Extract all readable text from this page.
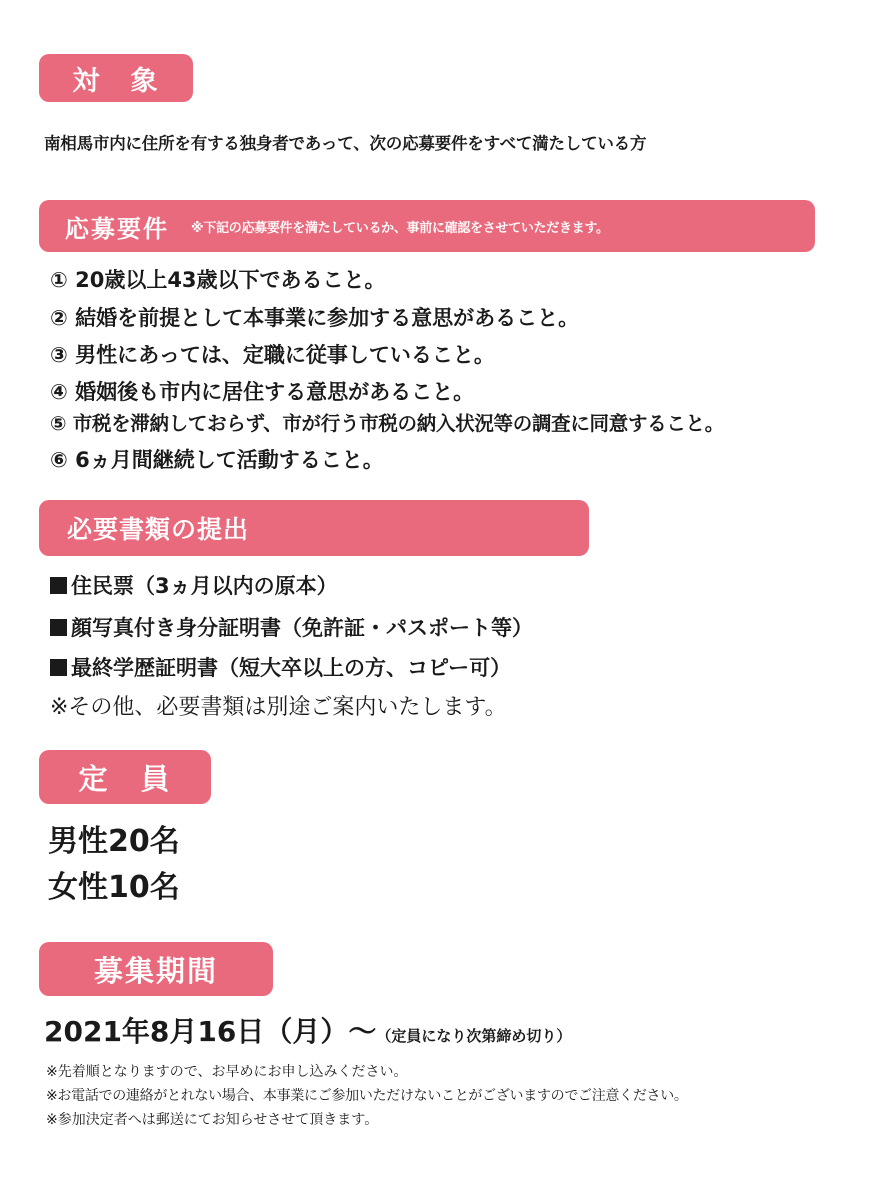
対　象
南相馬市内に住所を有する独身者であって、次の応募要件をすべて満たしている方
応募要件 ※下記の応募要件を満たしているか、事前に確認をさせていただきます。
① 20歳以上43歳以下であること。
② 結婚を前提として本事業に参加する意思があること。
③ 男性にあっては、定職に従事していること。
④ 婚姻後も市内に居住する意思があること。
⑤ 市税を滞納しておらず、市が行う市税の納入状況等の調査に同意すること。
⑥ 6ヵ月間継続して活動すること。
必要書類の提出
住民票（3ヵ月以内の原本）
顔写真付き身分証明書（免許証・パスポート等）
最終学歴証明書（短大卒以上の方、コピー可）
※その他、必要書類は別途ご案内いたします。
定　員
男性20名
女性10名
募集期間
2021年8月16日（月）〜（定員になり次第締め切り）
※先着順となりますので、お早めにお申し込みください。
※お電話での連絡がとれない場合、本事業にご参加いただけないことがございますのでご注意ください。
※参加決定者へは郵送にてお知らせさせて頂きます。
